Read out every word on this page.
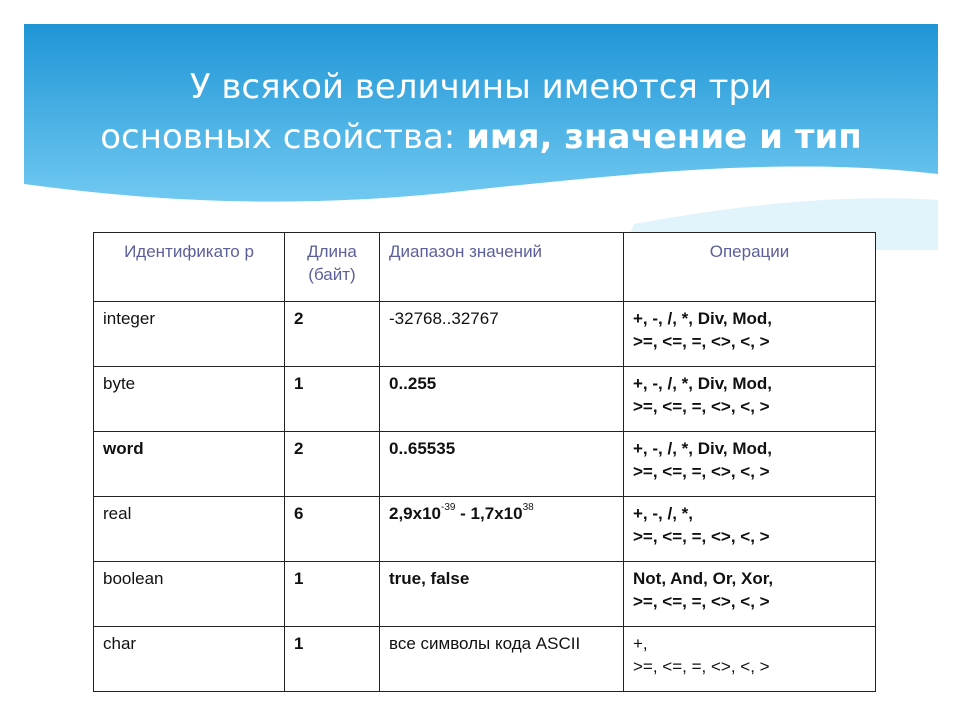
У всякой величины имеются три
основных свойства: имя, значение и тип
Идентификато р	Длина (байт)	Диапазон значений	Операции
integer	2	-32768..32767	+, -, /, *, Div, Mod,
>=, <=, =, <>, <, >

byte	1	0..255	+, -, /, *, Div, Mod,
>=, <=, =, <>, <, >

word	2	0..65535	+, -, /, *, Div, Mod,
>=, <=, =, <>, <, >

real	6	$2,9x10^{-39} - 1,7x10^{38}$	+, -, /, *,
>=, <=, =, <>, <, >

boolean	1	true, false	Not, And, Or, Xor,
>=, <=, =, <>, <, >

char	1	все символы кода ASCII	+,
>=, <=, =, <>, <, >
